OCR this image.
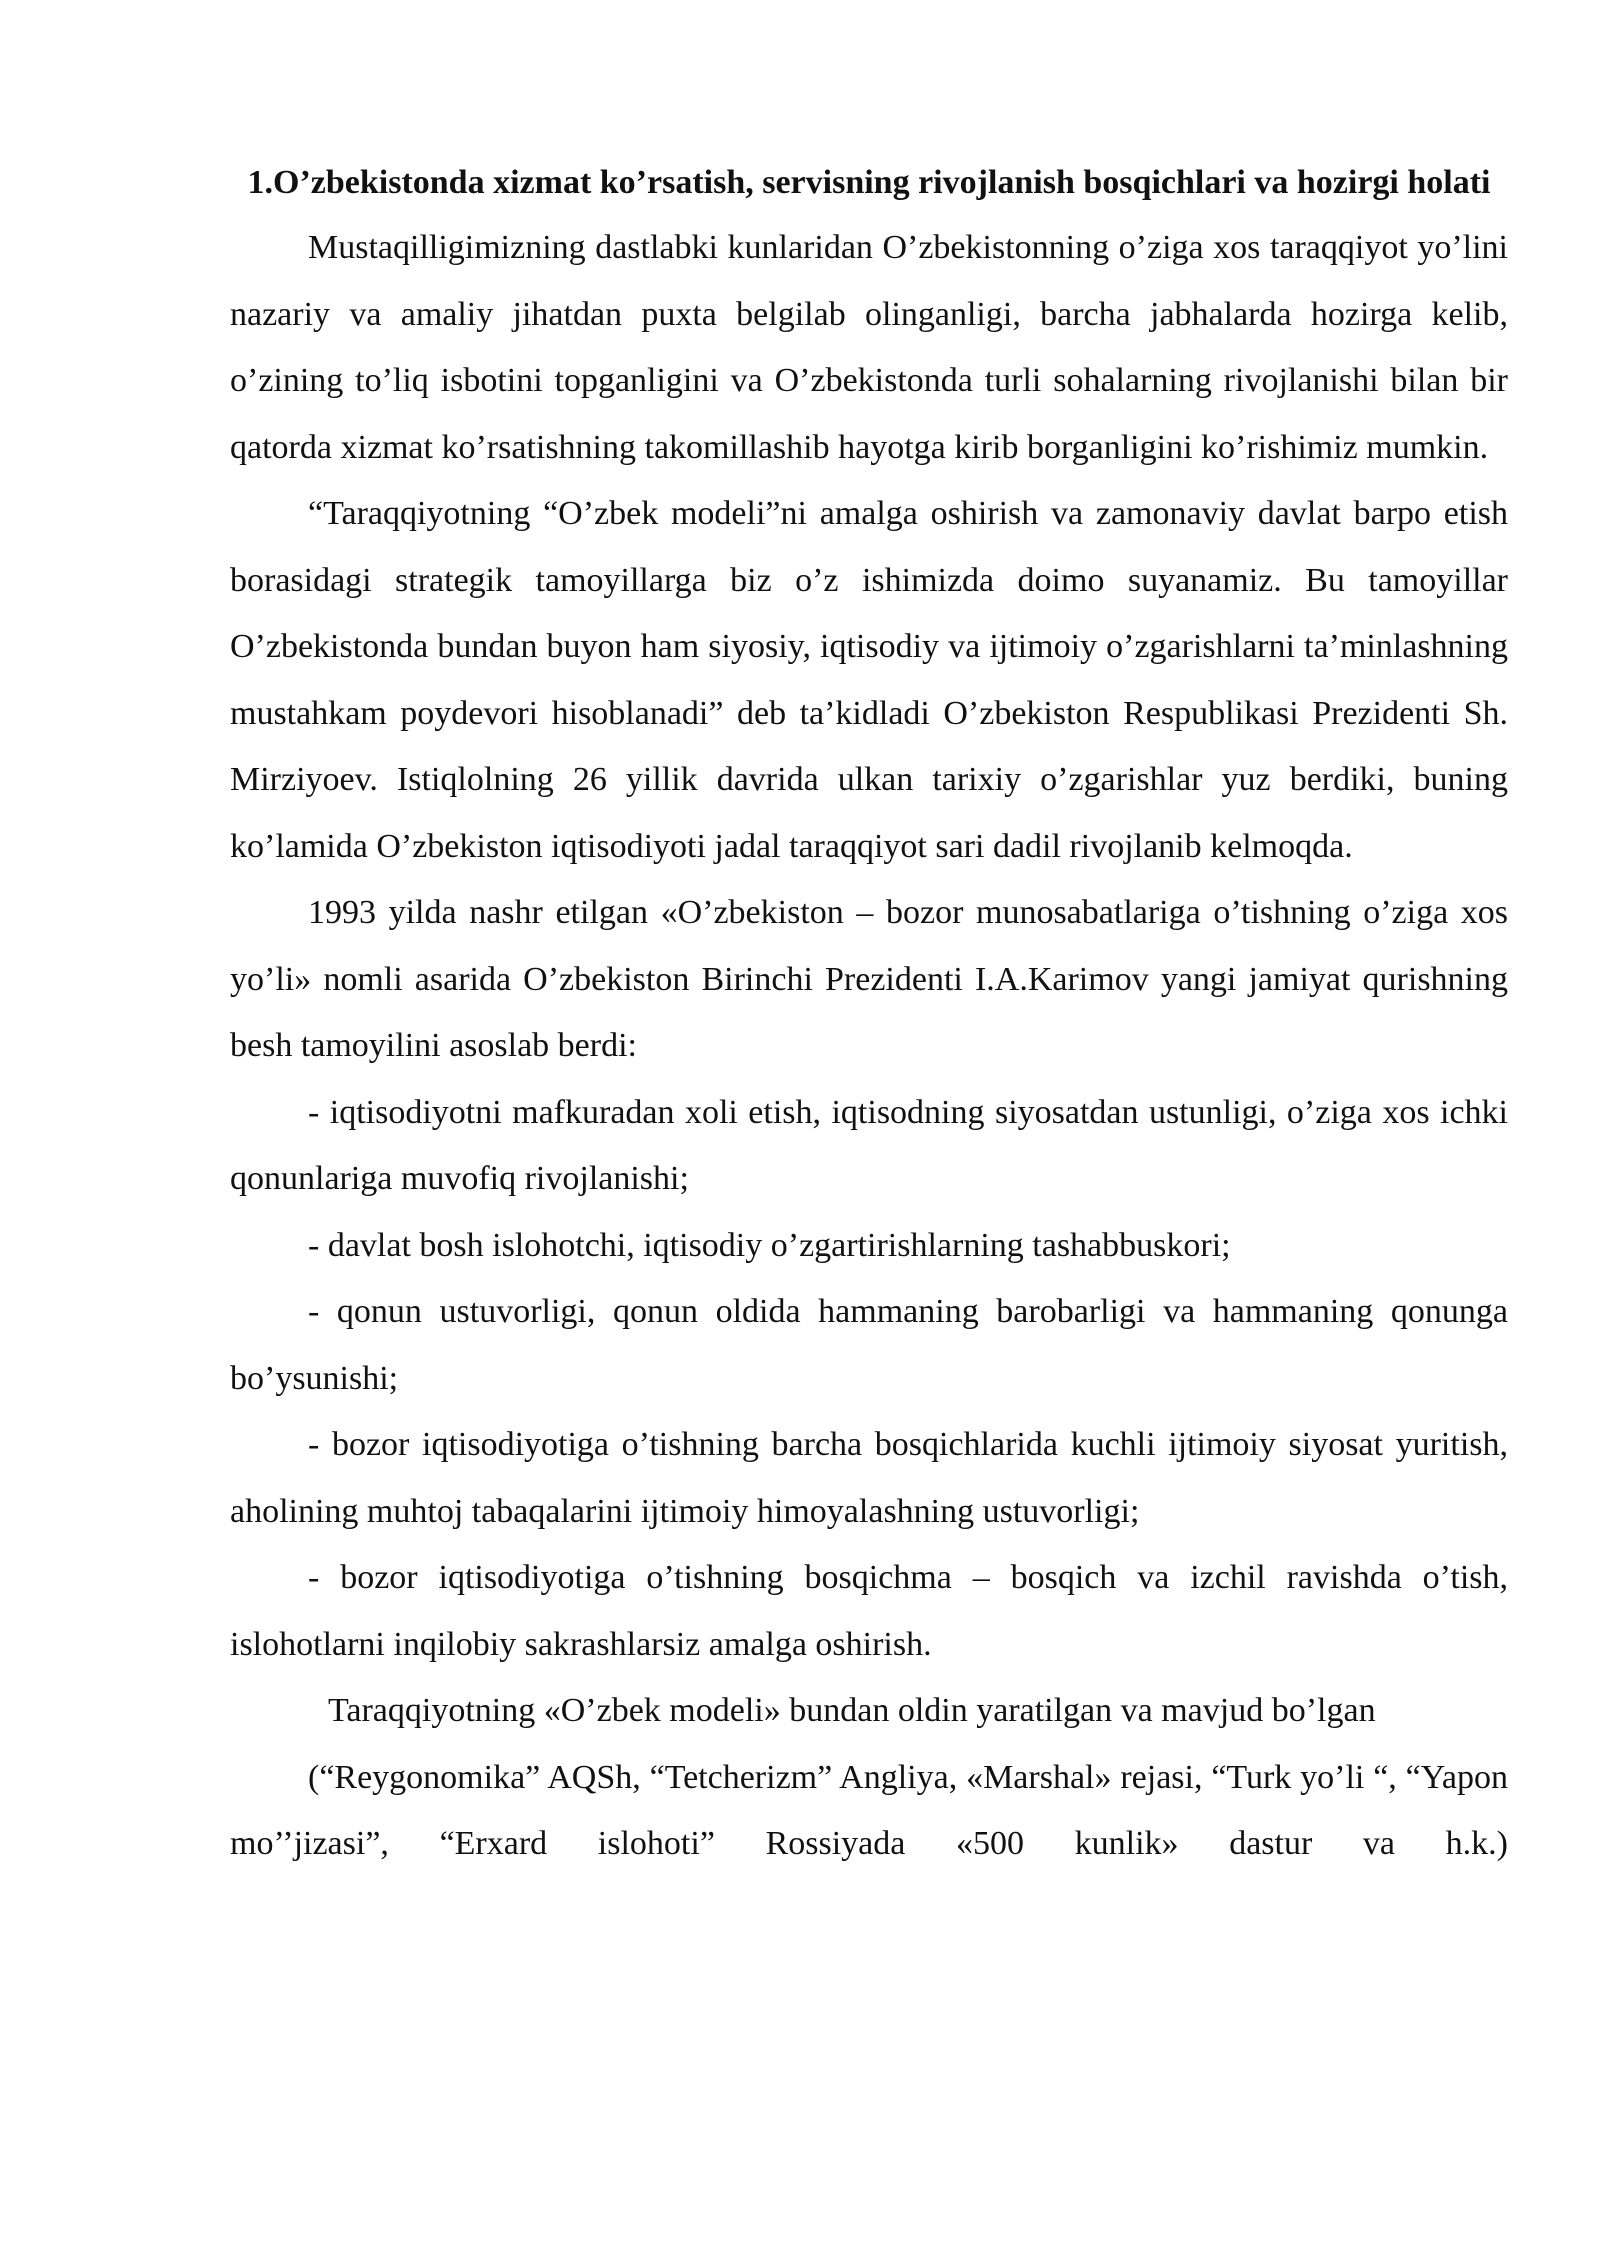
1.O’zbekistonda xizmat ko’rsatish, servisning rivojlanish bosqichlari va hozirgi holati

Mustaqilligimizning dastlabki kunlaridan O’zbekistonning o’ziga xos taraqqiyot yo’lini nazariy va amaliy jihatdan puxta belgilab olinganligi, barcha jabhalarda hozirga kelib, o’zining to’liq isbotini topganligini va O’zbekistonda turli sohalarning rivojlanishi bilan bir qatorda xizmat ko’rsatishning takomillashib hayotga kirib borganligini ko’rishimiz mumkin.

“Taraqqiyotning “O’zbek modeli”ni amalga oshirish va zamonaviy davlat barpo etish borasidagi strategik tamoyillarga biz o’z ishimizda doimo suyanamiz. Bu tamoyillar O’zbekistonda bundan buyon ham siyosiy, iqtisodiy va ijtimoiy o’zgarishlarni ta’minlashning mustahkam poydevori hisoblanadi” deb ta’kidladi O’zbekiston Respublikasi Prezidenti Sh. Mirziyoev. Istiqlolning 26 yillik davrida ulkan tarixiy o’zgarishlar yuz berdiki, buning ko’lamida O’zbekiston iqtisodiyoti jadal taraqqiyot sari dadil rivojlanib kelmoqda.

1993 yilda nashr etilgan «O’zbekiston – bozor munosabatlariga o’tishning o’ziga xos yo’li» nomli asarida O’zbekiston Birinchi Prezidenti I.A.Karimov yangi jamiyat qurishning besh tamoyilini asoslab berdi:

- iqtisodiyotni mafkuradan xoli etish, iqtisodning siyosatdan ustunligi, o’ziga xos ichki qonunlariga muvofiq rivojlanishi;

- davlat bosh islohotchi, iqtisodiy o’zgartirishlarning tashabbuskori;

- qonun ustuvorligi, qonun oldida hammaning barobarligi va hammaning qonunga bo’ysunishi;

- bozor iqtisodiyotiga o’tishning barcha bosqichlarida kuchli ijtimoiy siyosat yuritish, aholining muhtoj tabaqalarini ijtimoiy himoyalashning ustuvorligi;

- bozor iqtisodiyotiga o’tishning bosqichma – bosqich va izchil ravishda o’tish, islohotlarni inqilobiy sakrashlarsiz amalga oshirish.

Taraqqiyotning «O’zbek modeli» bundan oldin yaratilgan va mavjud bo’lgan

(“Reygonomika” AQSh, “Tetcherizm” Angliya, «Marshal» rejasi, “Turk yo’li “, “Yapon mo’’jizasi”, “Erxard islohoti” Rossiyada «500 kunlik» dastur va h.k.)
